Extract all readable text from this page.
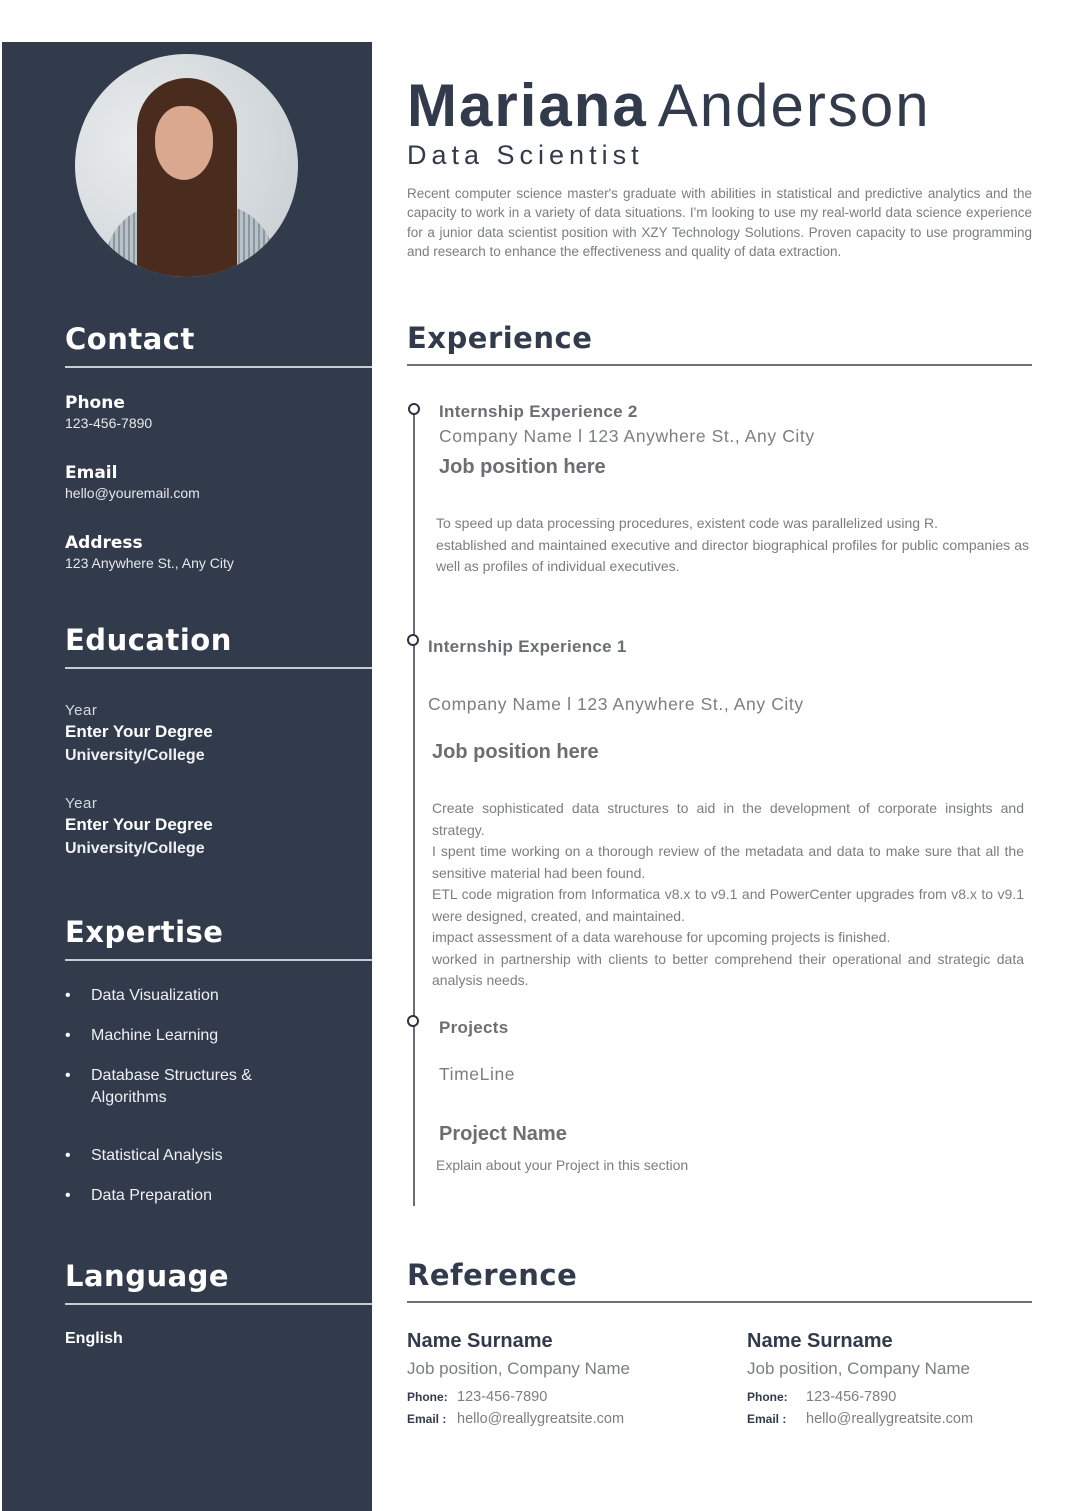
Contact
Phone
123-456-7890
Email
hello@youremail.com
Address
123 Anywhere St., Any City
Education
Year
Enter Your Degree
University/College
Year
Enter Your Degree
University/College
Expertise
•	Data Visualization
•	Machine Learning
•	Database Structures & Algorithms
•	Statistical Analysis
•	Data Preparation
Language
English
Mariana Anderson
Data Scientist

Recent computer science master's graduate with abilities in statistical and predictive analytics and the capacity to work in a variety of data situations. I'm looking to use my real-world data science experience for a junior data scientist position with XZY Technology Solutions. Proven capacity to use programming and research to enhance the effectiveness and quality of data extraction.

Experience
Internship Experience 2
Company Name l 123 Anywhere St., Any City
Job position here
To speed up data processing procedures, existent code was parallelized using R.
established and maintained executive and director biographical profiles for public companies as well as profiles of individual executives.
Internship Experience 1
Company Name l 123 Anywhere St., Any City
Job position here
Create sophisticated data structures to aid in the development of corporate insights and strategy.
I spent time working on a thorough review of the metadata and data to make sure that all the sensitive material had been found.
ETL code migration from Informatica v8.x to v9.1 and PowerCenter upgrades from v8.x to v9.1 were designed, created, and maintained.
impact assessment of a data warehouse for upcoming projects is finished.
worked in partnership with clients to better comprehend their operational and strategic data analysis needs.
Projects
TimeLine
Project Name
Explain about your Project in this section
Reference
Name Surname
Job position, Company Name
Phone: 123-456-7890
Email : hello@reallygreatsite.com
Name Surname
Job position, Company Name
Phone:	123-456-7890
Email :	hello@reallygreatsite.com
